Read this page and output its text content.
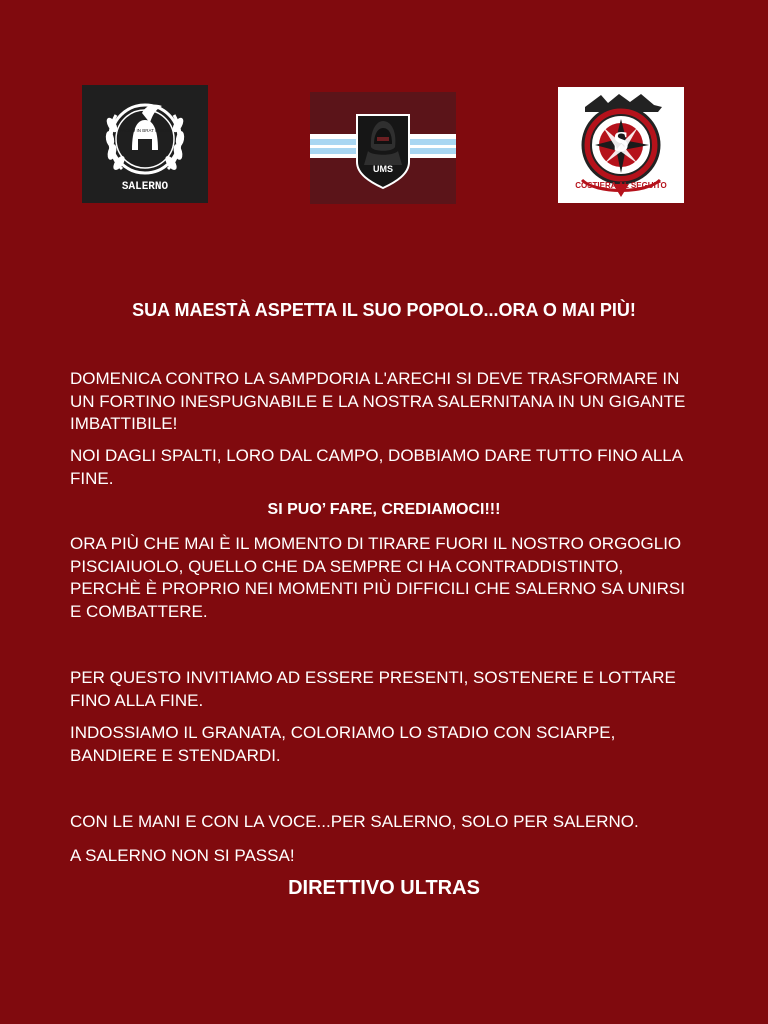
SALERNO
FACEM IN BRAT PRESE
UMS
S
COSTIERA AL SEGUITO
SUA MAESTÀ ASPETTA IL SUO POPOLO...ORA O MAI PIÙ!

DOMENICA CONTRO LA SAMPDORIA L'ARECHI SI DEVE TRASFORMARE IN UN FORTINO INESPUGNABILE E LA NOSTRA SALERNITANA IN UN GIGANTE IMBATTIBILE!

NOI DAGLI SPALTI, LORO DAL CAMPO, DOBBIAMO DARE TUTTO FINO ALLA FINE.

SI PUO’ FARE, CREDIAMOCI!!!

ORA PIÙ CHE MAI È IL MOMENTO DI TIRARE FUORI IL NOSTRO ORGOGLIO PISCIAIUOLO, QUELLO CHE DA SEMPRE CI HA CONTRADDISTINTO, PERCHÈ È PROPRIO NEI MOMENTI PIÙ DIFFICILI CHE SALERNO SA UNIRSI E COMBATTERE.

PER QUESTO INVITIAMO AD ESSERE PRESENTI, SOSTENERE E LOTTARE FINO ALLA FINE.

INDOSSIAMO IL GRANATA, COLORIAMO LO STADIO CON SCIARPE, BANDIERE E STENDARDI.

CON LE MANI E CON LA VOCE...PER SALERNO, SOLO PER SALERNO.

A SALERNO NON SI PASSA!

DIRETTIVO ULTRAS
